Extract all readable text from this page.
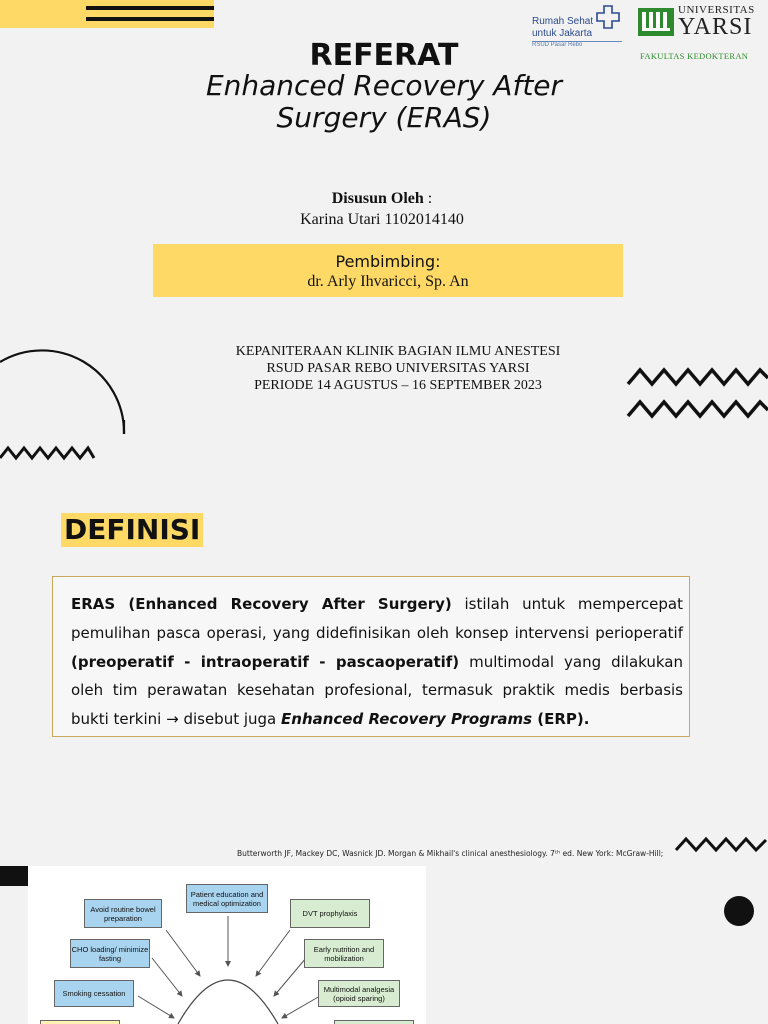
Rumah Sehat
untuk Jakarta
RSUD Pasar Rebo
UNIVERSITAS
YARSI
FAKULTAS KEDOKTERAN
REFERAT
Enhanced Recovery After Surgery (ERAS)
Disusun Oleh :
Karina Utari 1102014140
Pembimbing:
dr. Arly Ihvaricci, Sp. An
KEPANITERAAN KLINIK BAGIAN ILMU ANESTESI
RSUD PASAR REBO UNIVERSITAS YARSI
PERIODE 14 AGUSTUS – 16 SEPTEMBER 2023
DEFINISI

ERAS (Enhanced Recovery After Surgery) istilah untuk mempercepat pemulihan pasca operasi, yang didefinisikan oleh konsep intervensi perioperatif (preoperatif - intraoperatif - pascaoperatif) multimodal yang dilakukan oleh tim perawatan kesehatan profesional, termasuk praktik medis berbasis bukti terkini → disebut juga Enhanced Recovery Programs (ERP).

Butterworth JF, Mackey DC, Wasnick JD. Morgan & Mikhail's clinical anesthesiology. 7ᵗʰ ed. New York: McGraw-Hill;
Patient education and medical optimization
Avoid routine bowel preparation	DVT prophylaxis
CHO loading/ minimize fasting
Early nutrition and mobilization
Smoking cessation	Multimodal analgesia (opioid sparing)
